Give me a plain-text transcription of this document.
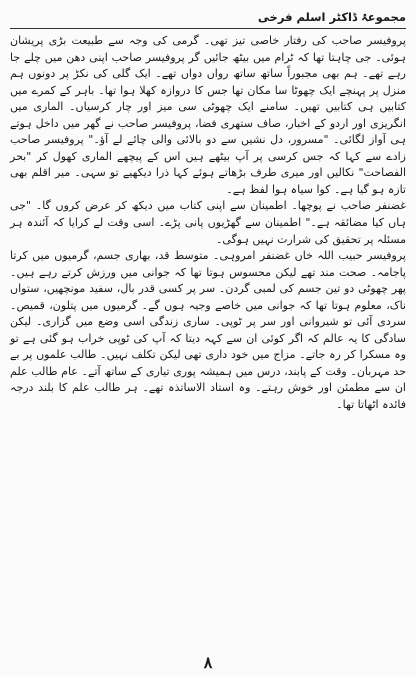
مجموعۂ ڈاکٹر اسلم فرخی

پروفیسر صاحب کی رفتار خاصی تیز تھی۔ گرمی کی وجہ سے طبیعت بڑی پریشان ہوئی۔ جی چاہتا تھا کہ ٹرام میں بیٹھ جائیں گر پروفیسر صاحب اپنی دھن میں چلے جا رہے تھے۔ ہم بھی مجبوراً ساتھ ساتھ رواں دواں تھے۔ ایک گلی کی نکڑ پر دونوں ہم منزل پر پہنچے ایک چھوٹا سا مکان تھا جس کا دروازہ کھلا ہوا تھا۔ باہر کے کمرے میں کتابیں ہی کتابیں تھیں۔ سامنے ایک چھوٹی سی میز اور چار کرسیاں۔ الماری میں انگریزی اور اردو کے اخبار، صاف ستھری فضا، پروفیسر صاحب نے گھر میں داخل ہوتے ہی آواز لگائی۔ "مسرور، دل نشیں سے دو بالائی والی چائے لے آؤ۔" پروفیسر صاحب زادے سے کہا کہ جس کرسی پر آپ بیٹھے ہیں اس کے پیچھے الماری کھول کر "بحر الفصاحت" نکالیں اور میری طرف بڑھاتے ہوئے کہا ذرا دیکھیے تو سہی۔ میر اقلم بھی تازہ ہو گیا ہے۔ کوا سیاہ ہوا لفظ ہے۔

غضنفر صاحب نے پوچھا۔ اطمینان سے اپنی کتاب میں دیکھ کر عرض کروں گا۔ "جی ہاں کیا مضائقہ ہے۔" اطمینان سے گھڑیوں پانی پڑے۔ اسی وقت لے کرایا کہ آئندہ ہر مسئلہ پر تحقیق کی شرارت نہیں ہوگی۔

پروفیسر حبیب اللہ خاں غضنفر امروہی۔ متوسط قد، بھاری جسم، گرمیوں میں کرتا پاجامہ۔ صحت مند تھے لیکن محسوس ہوتا تھا کہ جوانی میں ورزش کرتے رہے ہیں۔ پھر چھوٹی دو تین جسم کی لمبی گردن۔ سر پر کسی قدر بال، سفید مونچھیں، ستواں ناک، معلوم ہوتا تھا کہ جوانی میں خاصے وجیہ ہوں گے۔ گرمیوں میں پتلون، قمیص۔ سردی آئی تو شیروانی اور سر پر ٹوپی۔ ساری زندگی اسی وضع میں گزاری۔ لیکن سادگی کا یہ عالم کہ اگر کوئی ان سے کہہ دیتا کہ آپ کی ٹوپی خراب ہو گئی ہے تو وہ مسکرا کر رہ جاتے۔ مزاج میں خود داری تھی لیکن تکلف نہیں۔ طالب علموں پر بے حد مہربان۔ وقت کے پابند، درس میں ہمیشہ پوری تیاری کے ساتھ آتے۔ عام طالب علم ان سے مطمئن اور خوش رہتے۔ وہ استاد الاساتذہ تھے۔ ہر طالب علم کا بلند درجہ فائدہ اٹھاتا تھا۔

۸
